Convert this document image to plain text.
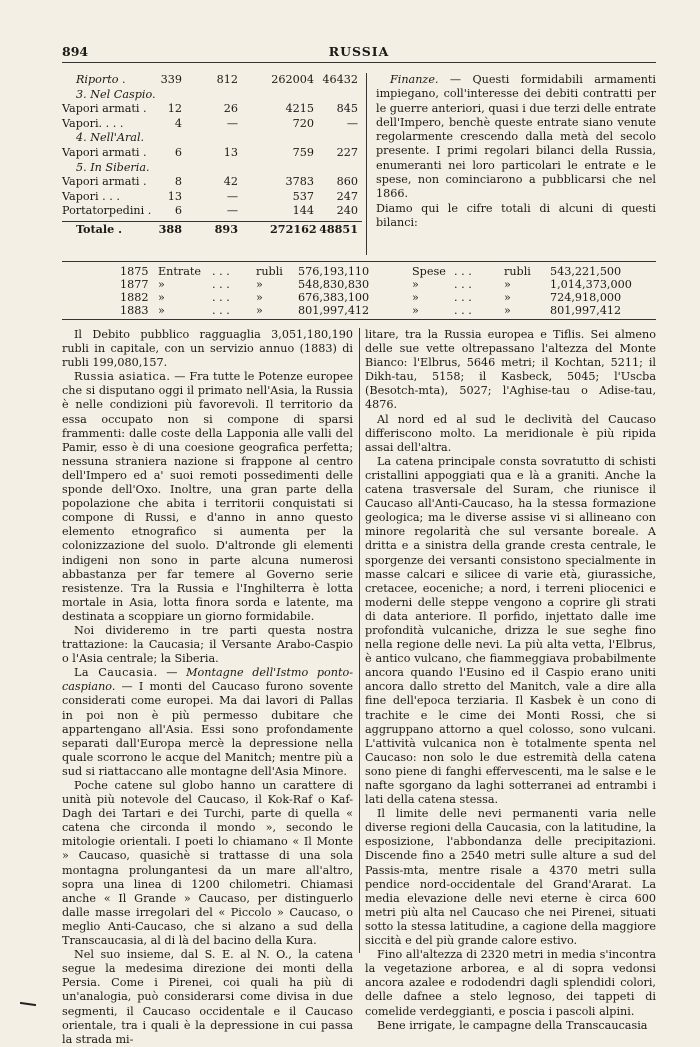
894	RUSSIA
Riporto .	339	812	262004 46432
3. Nel Caspio.
Vapori armati .	12	26	4215	845
Vapori. . . .	4	—	720	—
4. Nell'Aral.
Vapori armati .	6	13	759	227
5. In Siberia.
Vapori armati .	8	42	3783	860
Vapori . . .	13	—	537	247
Portatorpedini .	6	—	144	240
Totale .	388	893	272162 48851

Finanze. — Questi formidabili armamenti impiegano, coll'interesse dei debiti contratti per le guerre anteriori, quasi i due terzi delle entrate dell'Impero, benchè queste entrate siano venute regolarmente crescendo dalla metà del secolo presente. I primi regolari bilanci della Russia, enumeranti nei loro particolari le entrate e le spese, non cominciarono a pubblicarsi che nel 1866.
Diamo qui le cifre totali di alcuni di questi bilanci:

1875 Entrate . . . rubli 576,193,110	Spese . . .	rubli 543,221,500
1877 »	. . . »	548,830,830	»	. . .	»	1,014,373,000
1882 »	. . . »	676,383,100	»	. . .	»	724,918,000
1883 »	. . . »	801,997,412	»	. . .	»	801,997,412

Il Debito pubblico ragguaglia 3,051,180,190 rubli in capitale, con un servizio annuo (1883) di rubli 199,080,157.

Russia asiatica. — Fra tutte le Potenze europee che si disputano oggi il primato nell'Asia, la Russia è nelle condizioni più favorevoli. Il territorio da essa occupato non si compone di sparsi frammenti: dalle coste della Lapponia alle valli del Pamir, esso è di una coesione geografica perfetta; nessuna straniera nazione si frappone al centro dell'Impero ed a' suoi remoti possedimenti delle sponde dell'Oxo. Inoltre, una gran parte della popolazione che abita i territorii conquistati si compone di Russi, e d'anno in anno questo elemento etnografico si aumenta per la colonizzazione del suolo. D'altronde gli elementi indigeni non sono in parte alcuna numerosi abbastanza per far temere al Governo serie resistenze. Tra la Russia e l'Inghilterra è lotta mortale in Asia, lotta finora sorda e latente, ma destinata a scoppiare un giorno formidabile.

Noi divideremo in tre parti questa nostra trattazione: la Caucasia; il Versante Arabo-Caspio o l'Asia centrale; la Siberia.

La Caucasia. — Montagne dell'Istmo ponto-caspiano. — I monti del Caucaso furono sovente considerati come europei. Ma dai lavori di Pallas in poi non è più permesso dubitare che appartengano all'Asia. Essi sono profondamente separati dall'Europa mercè la depressione nella quale scorrono le acque del Manitch; mentre più a sud si riattaccano alle montagne dell'Asia Minore.

Poche catene sul globo hanno un carattere di unità più notevole del Caucaso, il Kok-Raf o Kaf-Dagh dei Tartari e dei Turchi, parte di quella « catena che circonda il mondo », secondo le mitologie orientali. I poeti lo chiamano « Il Monte » Caucaso, quasichè si trattasse di una sola montagna prolungantesi da un mare all'altro, sopra una linea di 1200 chilometri. Chiamasi anche « Il Grande » Caucaso, per distinguerlo dalle masse irregolari del « Piccolo » Caucaso, o meglio Anti-Caucaso, che si alzano a sud della Transcaucasia, al di là del bacino della Kura.

Nel suo insieme, dal S. E. al N. O., la catena segue la medesima direzione dei monti della Persia. Come i Pirenei, coi quali ha più di un'analogia, può considerarsi come divisa in due segmenti, il Caucaso occidentale e il Caucaso orientale, tra i quali è la depressione in cui passa la strada mi-

litare, tra la Russia europea e Tiflis. Sei almeno delle sue vette oltrepassano l'altezza del Monte Bianco: l'Elbrus, 5646 metri; il Kochtan, 5211; il Dikh-tau, 5158; il Kasbeck, 5045; l'Uscba (Besotch-mta), 5027; l'Aghise-tau o Adise-tau, 4876.

Al nord ed al sud le declività del Caucaso differiscono molto. La meridionale è più ripida assai dell'altra.

La catena principale consta sovratutto di schisti cristallini appoggiati qua e là a graniti. Anche la catena trasversale del Suram, che riunisce il Caucaso all'Anti-Caucaso, ha la stessa formazione geologica; ma le diverse assise vi si allineano con minore regolarità che sul versante boreale. A dritta e a sinistra della grande cresta centrale, le sporgenze dei versanti consistono specialmente in masse calcari e silicee di varie età, giurassiche, cretacee, eoceniche; a nord, i terreni pliocenici e moderni delle steppe vengono a coprire gli strati di data anteriore. Il porfido, injettato dalle ime profondità vulcaniche, drizza le sue seghe fino nella regione delle nevi. La più alta vetta, l'Elbrus, è antico vulcano, che fiammeggiava probabilmente ancora quando l'Eusino ed il Caspio erano uniti ancora dallo stretto del Manitch, vale a dire alla fine dell'epoca terziaria. Il Kasbek è un cono di trachite e le cime dei Monti Rossi, che si aggruppano attorno a quel colosso, sono vulcani. L'attività vulcanica non è totalmente spenta nel Caucaso: non solo le due estremità della catena sono piene di fanghi effervescenti, ma le salse e le nafte sgorgano da laghi sotterranei ad entrambi i lati della catena stessa.

Il limite delle nevi permanenti varia nelle diverse regioni della Caucasia, con la latitudine, la esposizione, l'abbondanza delle precipitazioni. Discende fino a 2540 metri sulle alture a sud del Passis-mta, mentre risale a 4370 metri sulla pendice nord-occidentale del Grand'Ararat. La media elevazione delle nevi eterne è circa 600 metri più alta nel Caucaso che nei Pirenei, situati sotto la stessa latitudine, a cagione della maggiore siccità e del più grande calore estivo.

Fino all'altezza di 2320 metri in media s'incontra la vegetazione arborea, e al di sopra vedonsi ancora azalee e rododendri dagli splendidi colori, delle dafnee a stelo legnoso, dei tappeti di comelide verdeggianti, e poscia i pascoli alpini.

Bene irrigate, le campagne della Transcaucasia
